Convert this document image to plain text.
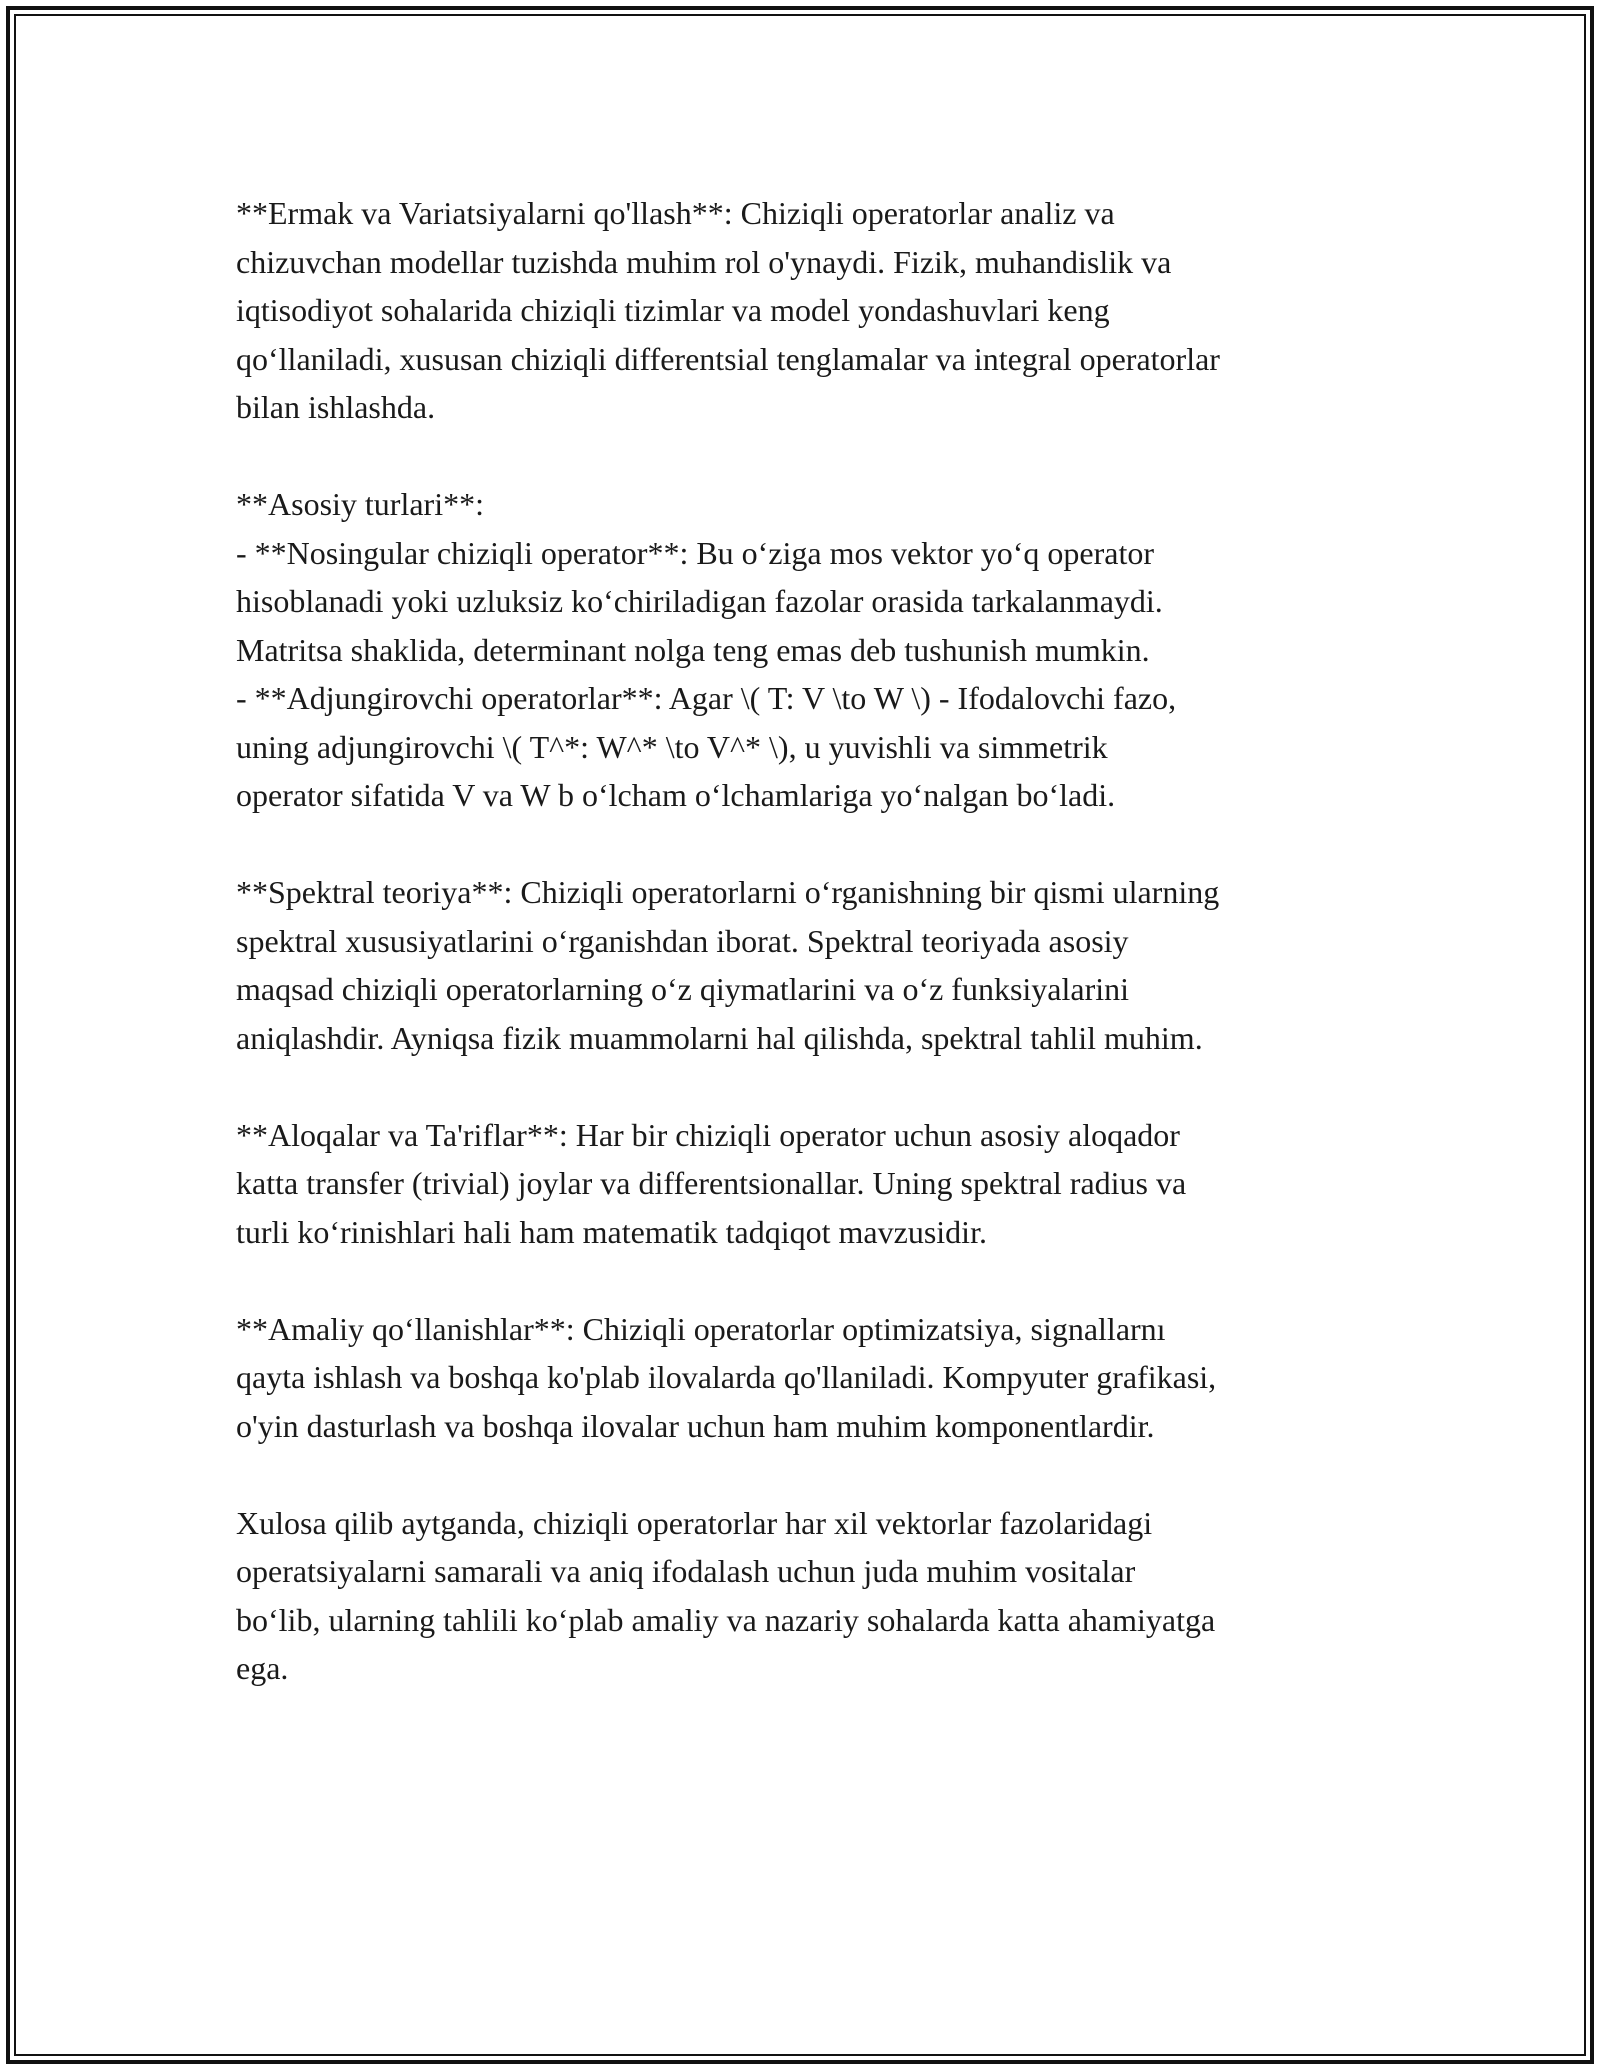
**Ermak va Variatsiyalarni qo'llash**: Chiziqli operatorlar analiz va
chizuvchan modellar tuzishda muhim rol o'ynaydi. Fizik, muhandislik va
iqtisodiyot sohalarida chiziqli tizimlar va model yondashuvlari keng
qo‘llaniladi, xususan chiziqli differentsial tenglamalar va integral operatorlar
bilan ishlashda.

**Asosiy turlari**:

- **Nosingular chiziqli operator**: Bu o‘ziga mos vektor yo‘q operator
hisoblanadi yoki uzluksiz ko‘chiriladigan fazolar orasida tarkalanmaydi.
Matritsa shaklida, determinant nolga teng emas deb tushunish mumkin.

- **Adjungirovchi operatorlar**: Agar \( T: V \to W \) - Ifodalovchi fazo,
uning adjungirovchi \( T^*: W^* \to V^* \), u yuvishli va simmetrik
operator sifatida V va W b o‘lcham o‘lchamlariga yo‘nalgan bo‘ladi.

**Spektral teoriya**: Chiziqli operatorlarni o‘rganishning bir qismi ularning
spektral xususiyatlarini o‘rganishdan iborat. Spektral teoriyada asosiy
maqsad chiziqli operatorlarning o‘z qiymatlarini va o‘z funksiyalarini
aniqlashdir. Ayniqsa fizik muammolarni hal qilishda, spektral tahlil muhim.

**Aloqalar va Ta'riflar**: Har bir chiziqli operator uchun asosiy aloqador
katta transfer (trivial) joylar va differentsionallar. Uning spektral radius va
turli ko‘rinishlari hali ham matematik tadqiqot mavzusidir.

**Amaliy qo‘llanishlar**: Chiziqli operatorlar optimizatsiya, signallarnı
qayta ishlash va boshqa ko'plab ilovalarda qo'llaniladi. Kompyuter grafikasi,
o'yin dasturlash va boshqa ilovalar uchun ham muhim komponentlardir.

Xulosa qilib aytganda, chiziqli operatorlar har xil vektorlar fazolaridagi
operatsiyalarni samarali va aniq ifodalash uchun juda muhim vositalar
bo‘lib, ularning tahlili ko‘plab amaliy va nazariy sohalarda katta ahamiyatga
ega.
